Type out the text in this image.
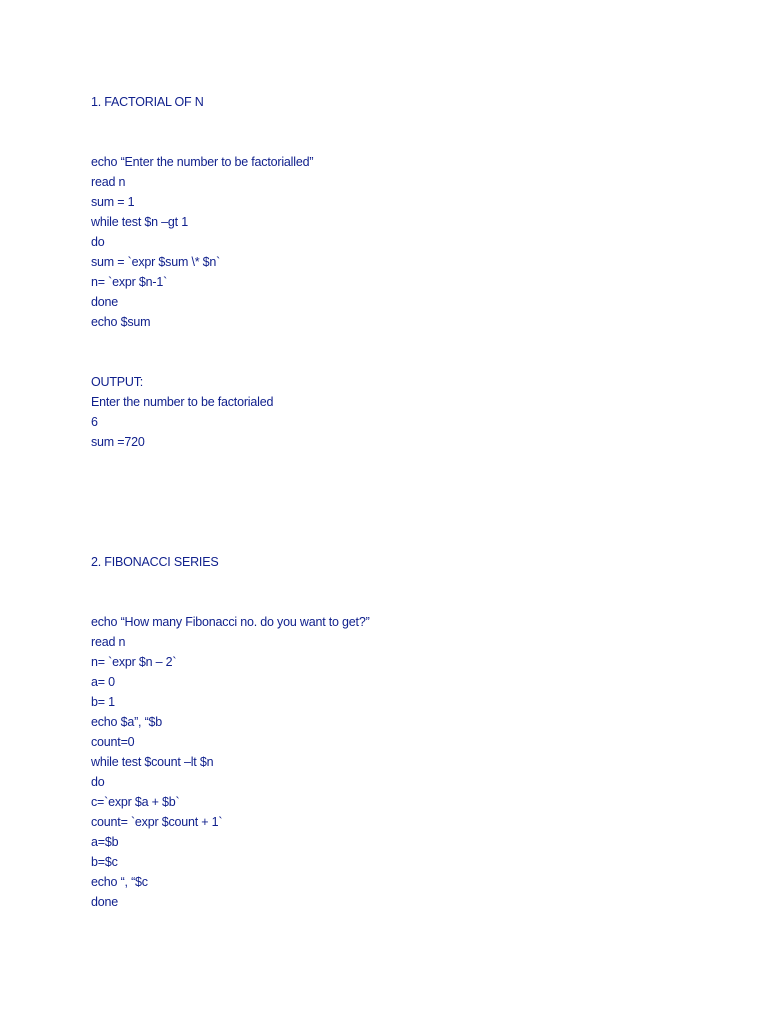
1. FACTORIAL OF N
echo “Enter the number to be factorialled”
read n
sum = 1
while test $n –gt 1
do
sum = `expr $sum \* $n`
n= `expr $n-1`
done
echo $sum
OUTPUT:
Enter the number to be factorialed
6
sum =720
2. FIBONACCI SERIES
echo “How many Fibonacci no. do you want to get?”
read n
n= `expr $n – 2`
a= 0
b= 1
echo $a”, “$b
count=0
while test $count –lt $n
do
c=`expr $a + $b`
count= `expr $count + 1`
a=$b
b=$c
echo “, “$c
done
